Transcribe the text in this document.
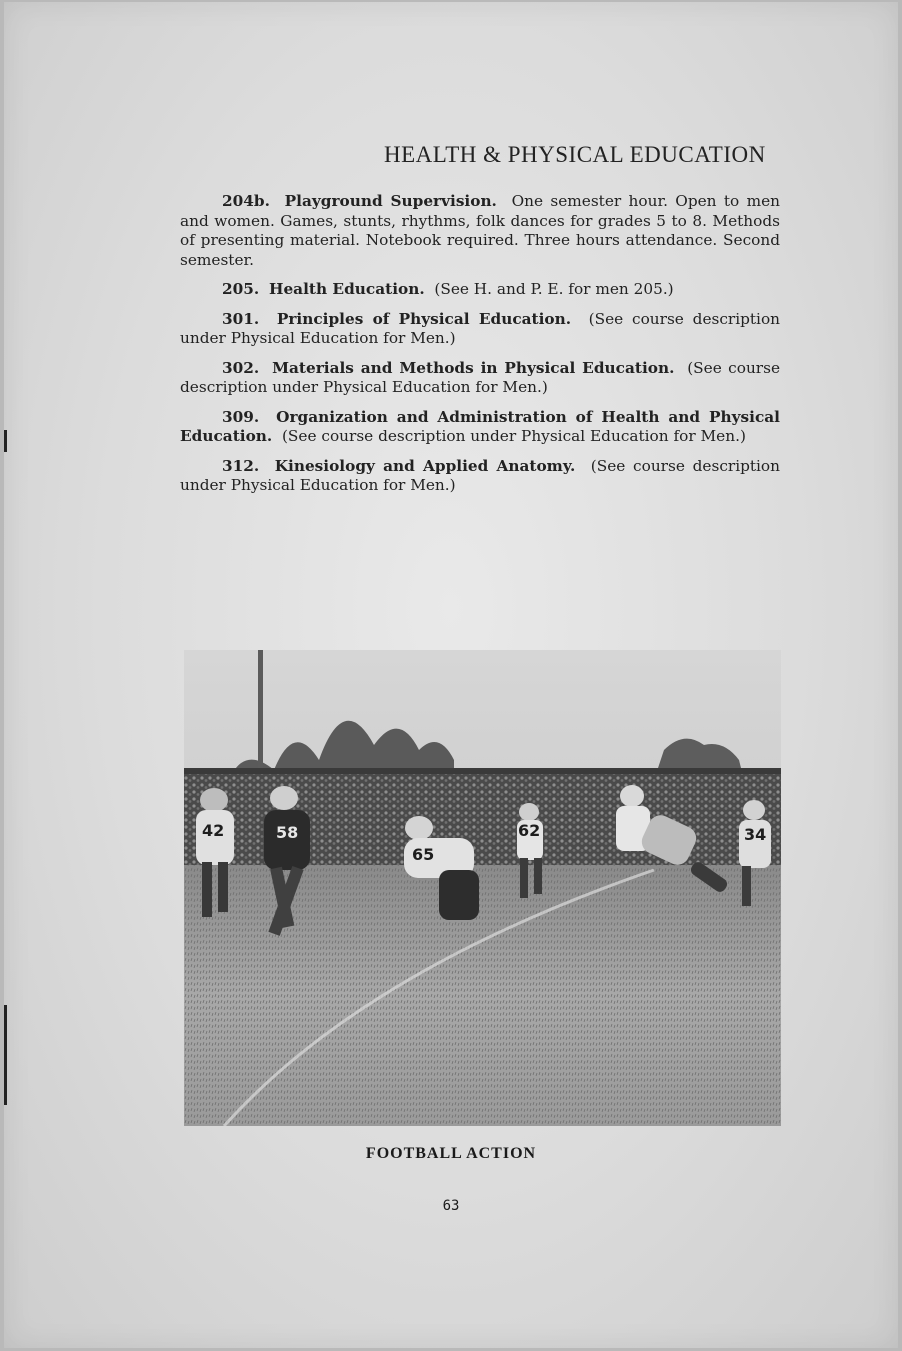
HEALTH & PHYSICAL EDUCATION

204b. Playground Supervision. One semester hour. Open to men and women. Games, stunts, rhythms, folk dances for grades 5 to 8. Methods of presenting material. Notebook required. Three hours attendance. Second semester.

205. Health Education. (See H. and P. E. for men 205.)

301. Principles of Physical Education. (See course description under Physical Education for Men.)

302. Materials and Methods in Physical Education. (See course description under Physical Education for Men.)

309. Organization and Administration of Health and Physical Education. (See course description under Physical Education for Men.)

312. Kinesiology and Applied Anatomy. (See course description under Physical Education for Men.)

42	58
65
62	34
FOOTBALL ACTION
63
